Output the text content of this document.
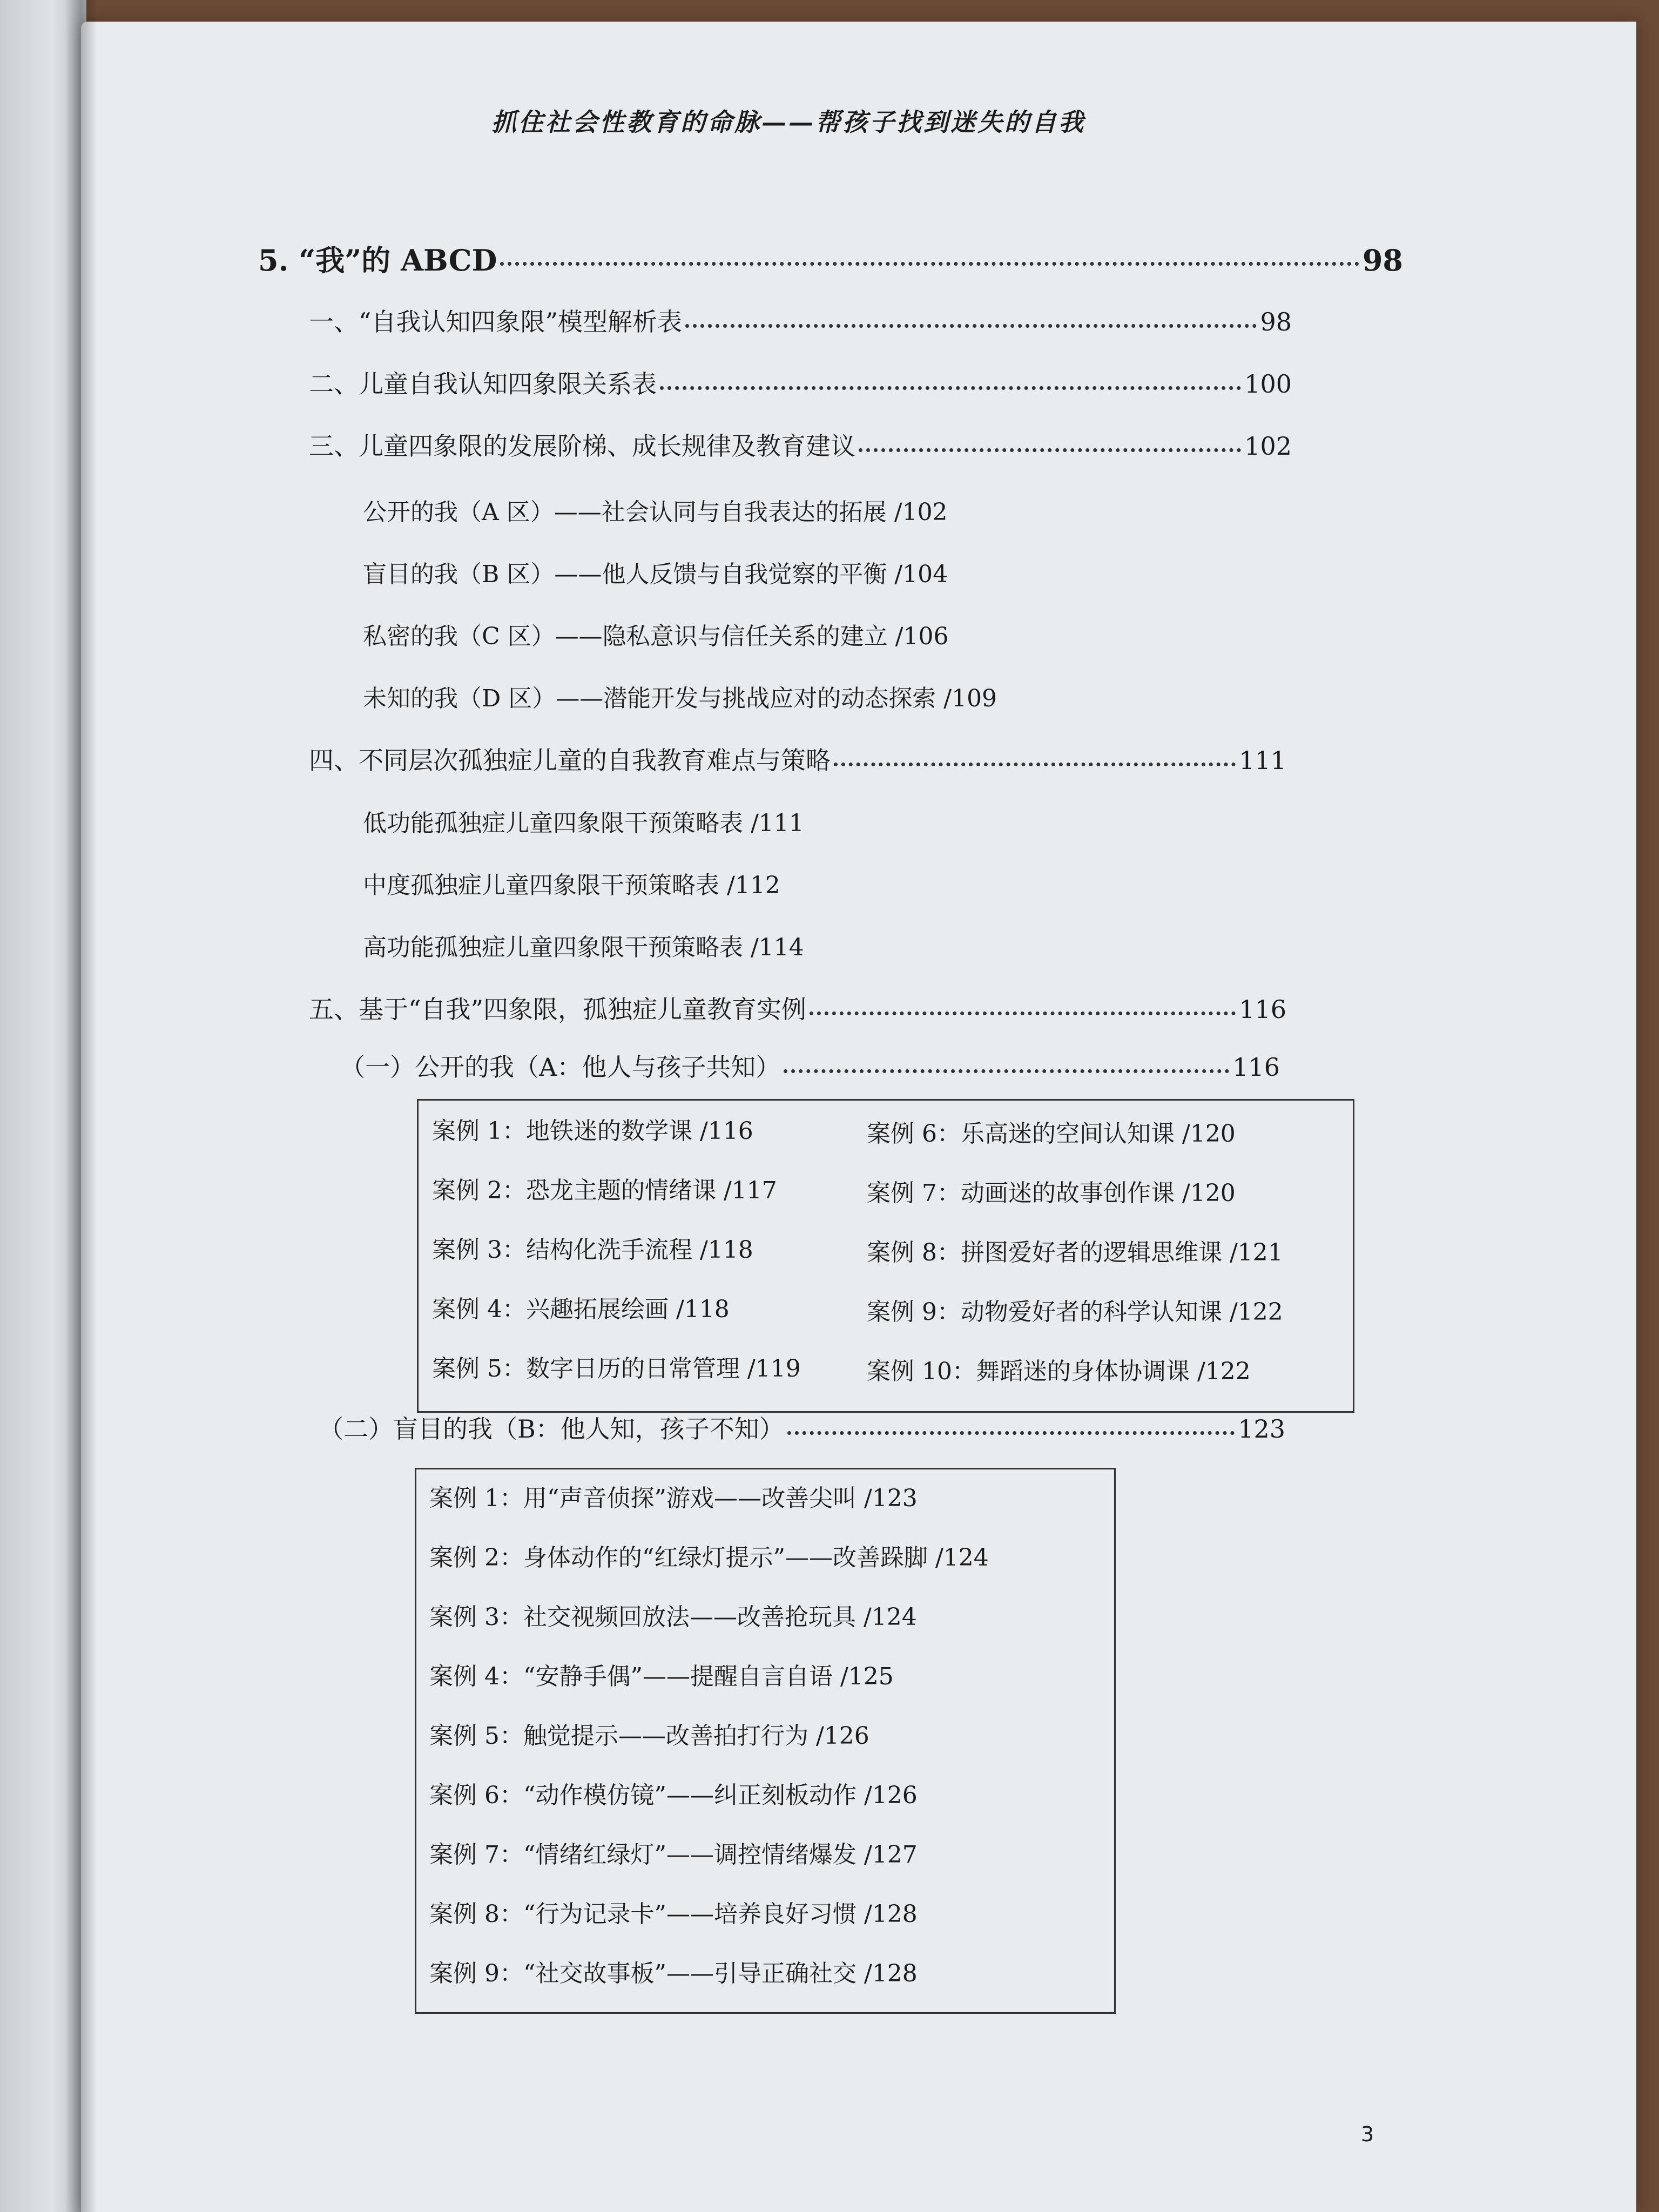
抓住社会性教育的命脉——帮孩子找到迷失的自我
5. “我”的 ABCD	98
一、“自我认知四象限”模型解析表	98
二、儿童自我认知四象限关系表	100
三、儿童四象限的发展阶梯、成长规律及教育建议	102
公开的我（A 区）——社会认同与自我表达的拓展 /102
盲目的我（B 区）——他人反馈与自我觉察的平衡 /104
私密的我（C 区）——隐私意识与信任关系的建立 /106
未知的我（D 区）——潜能开发与挑战应对的动态探索 /109
四、不同层次孤独症儿童的自我教育难点与策略	111
低功能孤独症儿童四象限干预策略表 /111
中度孤独症儿童四象限干预策略表 /112
高功能孤独症儿童四象限干预策略表 /114
五、基于“自我”四象限，孤独症儿童教育实例	116
（一）公开的我（A：他人与孩子共知）	116
案例 1：地铁迷的数学课 /116
案例 2：恐龙主题的情绪课 /117
案例 3：结构化洗手流程 /118
案例 4：兴趣拓展绘画 /118
案例 5：数字日历的日常管理 /119
案例 6：乐高迷的空间认知课 /120
案例 7：动画迷的故事创作课 /120
案例 8：拼图爱好者的逻辑思维课 /121
案例 9：动物爱好者的科学认知课 /122
案例 10：舞蹈迷的身体协调课 /122
（二）盲目的我（B：他人知，孩子不知）	123
案例 1：用“声音侦探”游戏——改善尖叫 /123
案例 2：身体动作的“红绿灯提示”——改善跺脚 /124
案例 3：社交视频回放法——改善抢玩具 /124
案例 4：“安静手偶”——提醒自言自语 /125
案例 5：触觉提示——改善拍打行为 /126
案例 6：“动作模仿镜”——纠正刻板动作 /126
案例 7：“情绪红绿灯”——调控情绪爆发 /127
案例 8：“行为记录卡”——培养良好习惯 /128
案例 9：“社交故事板”——引导正确社交 /128
3
